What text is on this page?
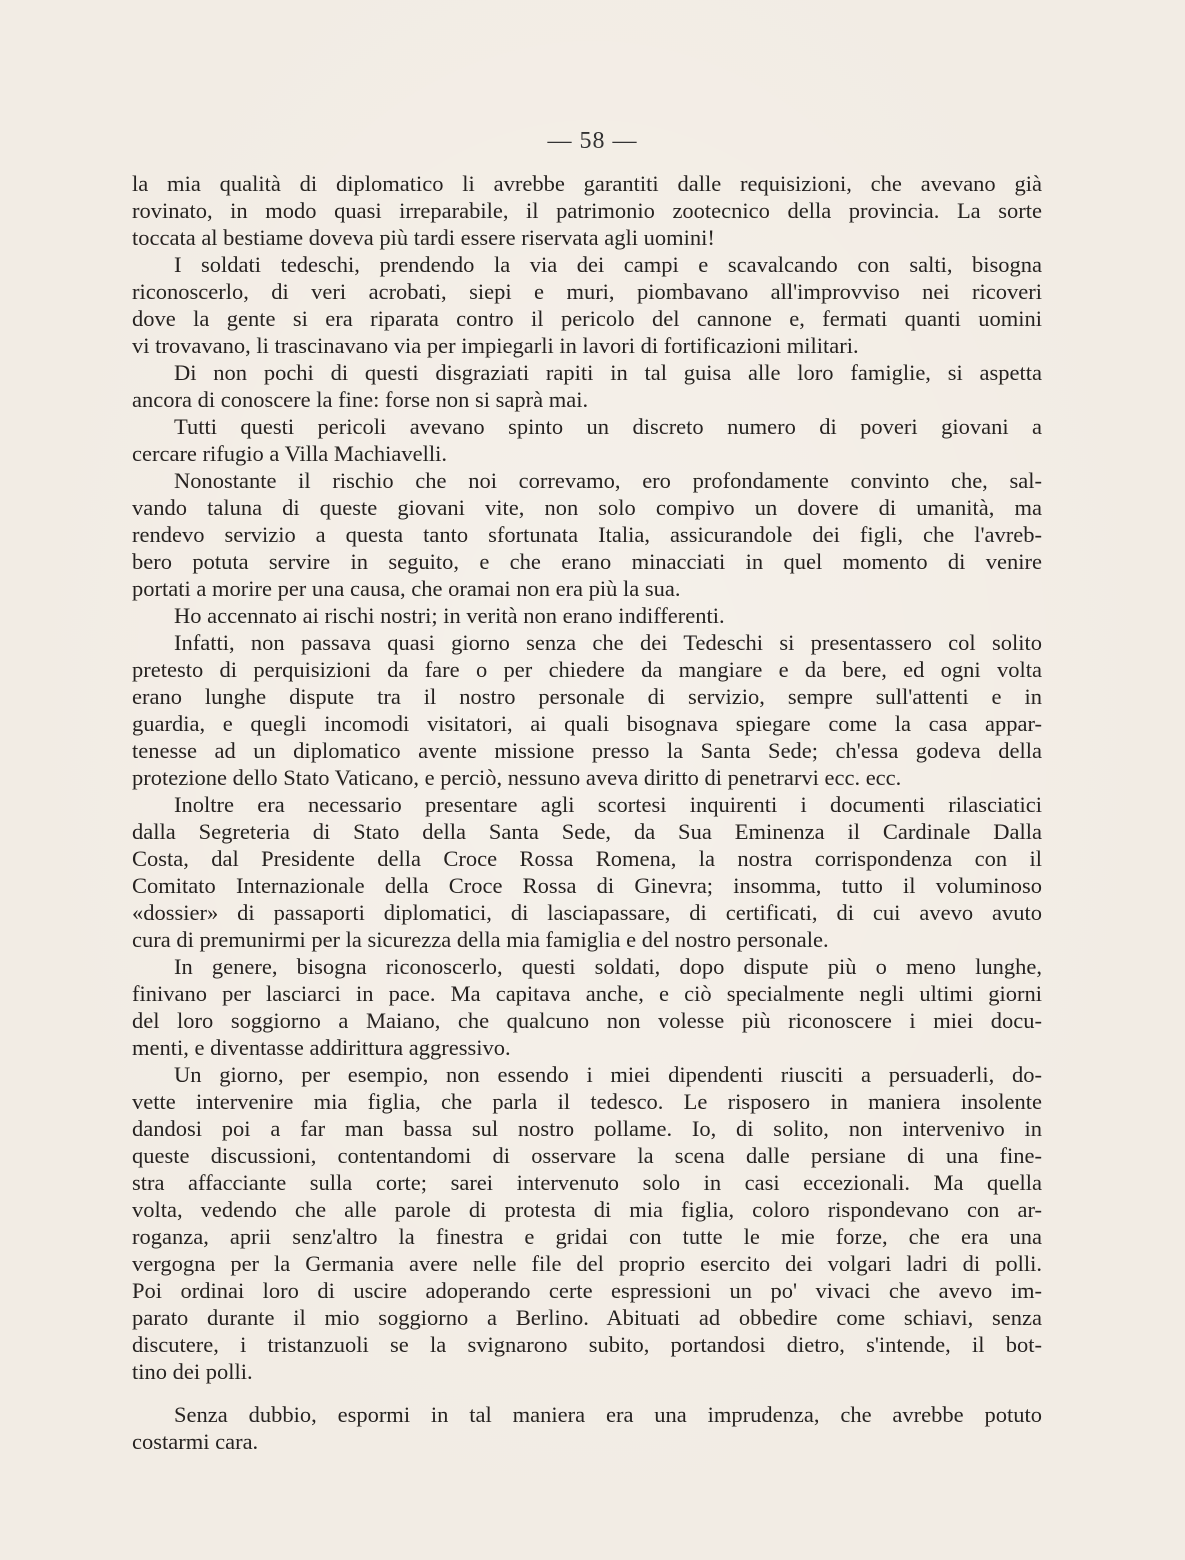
— 58 —

la mia qualità di diplomatico li avrebbe garantiti dalle requisizioni, che avevano già
rovinato, in modo quasi irreparabile, il patrimonio zootecnico della provincia. La sorte
toccata al bestiame doveva più tardi essere riservata agli uomini!

I soldati tedeschi, prendendo la via dei campi e scavalcando con salti, bisogna
riconoscerlo, di veri acrobati, siepi e muri, piombavano all'improvviso nei ricoveri
dove la gente si era riparata contro il pericolo del cannone e, fermati quanti uomini
vi trovavano, li trascinavano via per impiegarli in lavori di fortificazioni militari.

Di non pochi di questi disgraziati rapiti in tal guisa alle loro famiglie, si aspetta
ancora di conoscere la fine: forse non si saprà mai.

Tutti questi pericoli avevano spinto un discreto numero di poveri giovani a
cercare rifugio a Villa Machiavelli.

Nonostante il rischio che noi correvamo, ero profondamente convinto che, sal-
vando taluna di queste giovani vite, non solo compivo un dovere di umanità, ma
rendevo servizio a questa tanto sfortunata Italia, assicurandole dei figli, che l'avreb-
bero potuta servire in seguito, e che erano minacciati in quel momento di venire
portati a morire per una causa, che oramai non era più la sua.

Ho accennato ai rischi nostri; in verità non erano indifferenti.

Infatti, non passava quasi giorno senza che dei Tedeschi si presentassero col solito
pretesto di perquisizioni da fare o per chiedere da mangiare e da bere, ed ogni volta
erano lunghe dispute tra il nostro personale di servizio, sempre sull'attenti e in
guardia, e quegli incomodi visitatori, ai quali bisognava spiegare come la casa appar-
tenesse ad un diplomatico avente missione presso la Santa Sede; ch'essa godeva della
protezione dello Stato Vaticano, e perciò, nessuno aveva diritto di penetrarvi ecc. ecc.

Inoltre era necessario presentare agli scortesi inquirenti i documenti rilasciatici
dalla Segreteria di Stato della Santa Sede, da Sua Eminenza il Cardinale Dalla
Costa, dal Presidente della Croce Rossa Romena, la nostra corrispondenza con il
Comitato Internazionale della Croce Rossa di Ginevra; insomma, tutto il voluminoso
«dossier» di passaporti diplomatici, di lasciapassare, di certificati, di cui avevo avuto
cura di premunirmi per la sicurezza della mia famiglia e del nostro personale.

In genere, bisogna riconoscerlo, questi soldati, dopo dispute più o meno lunghe,
finivano per lasciarci in pace. Ma capitava anche, e ciò specialmente negli ultimi giorni
del loro soggiorno a Maiano, che qualcuno non volesse più riconoscere i miei docu-
menti, e diventasse addirittura aggressivo.

Un giorno, per esempio, non essendo i miei dipendenti riusciti a persuaderli, do-
vette intervenire mia figlia, che parla il tedesco. Le risposero in maniera insolente
dandosi poi a far man bassa sul nostro pollame. Io, di solito, non intervenivo in
queste discussioni, contentandomi di osservare la scena dalle persiane di una fine-
stra affacciante sulla corte; sarei intervenuto solo in casi eccezionali. Ma quella
volta, vedendo che alle parole di protesta di mia figlia, coloro rispondevano con ar-
roganza, aprii senz'altro la finestra e gridai con tutte le mie forze, che era una
vergogna per la Germania avere nelle file del proprio esercito dei volgari ladri di polli.
Poi ordinai loro di uscire adoperando certe espressioni un po' vivaci che avevo im-
parato durante il mio soggiorno a Berlino. Abituati ad obbedire come schiavi, senza
discutere, i tristanzuoli se la svignarono subito, portandosi dietro, s'intende, il bot-
tino dei polli.

Senza dubbio, espormi in tal maniera era una imprudenza, che avrebbe potuto
costarmi cara.
